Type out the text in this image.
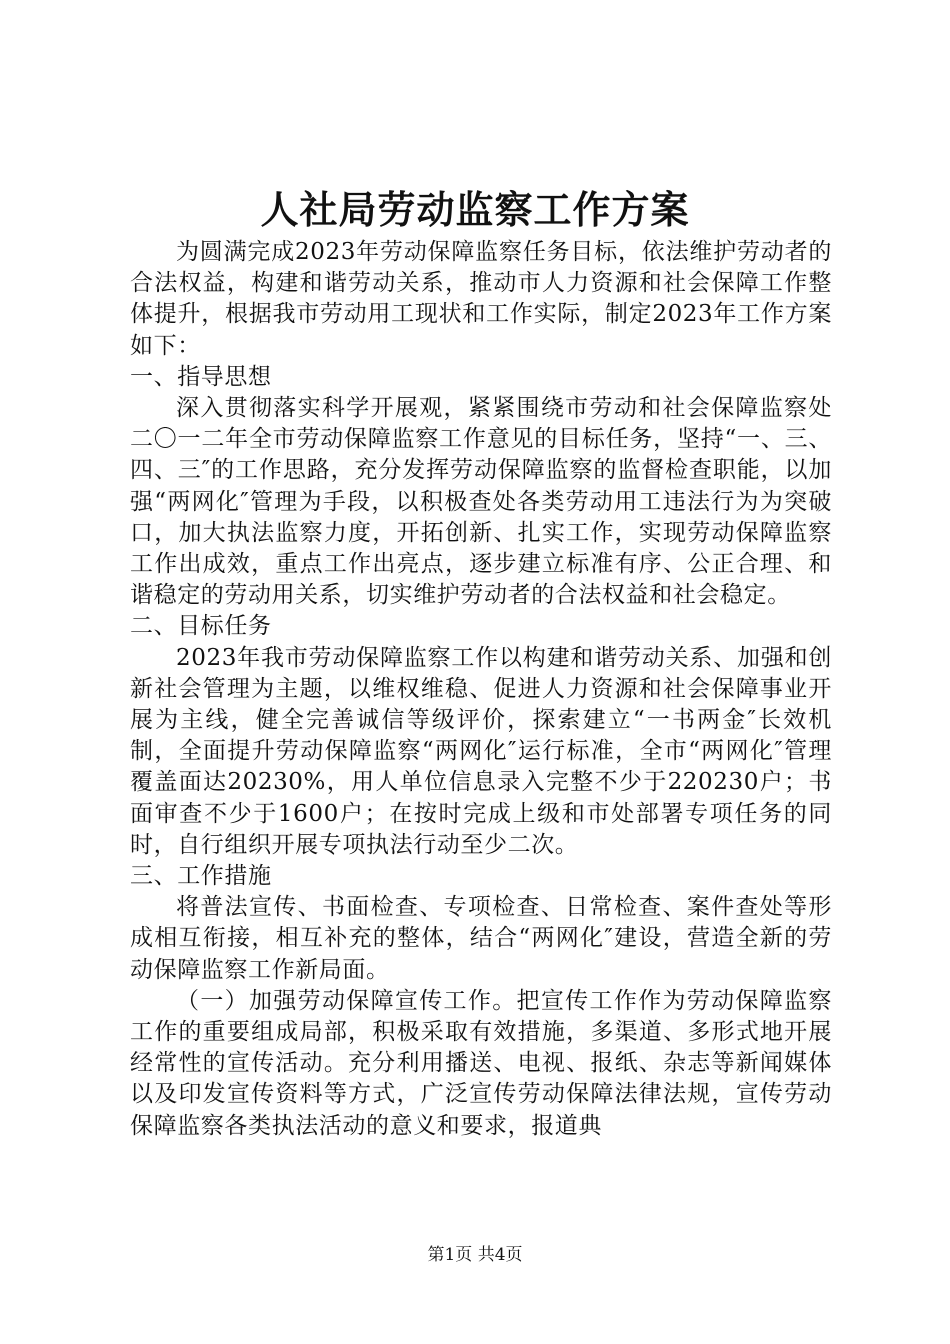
人社局劳动监察工作方案

为圆满完成2023年劳动保障监察任务目标，依法维护劳动者的合法权益，构建和谐劳动关系，推动市人力资源和社会保障工作整体提升，根据我市劳动用工现状和工作实际，制定2023年工作方案如下：

一、指导思想

深入贯彻落实科学开展观，紧紧围绕市劳动和社会保障监察处二〇一二年全市劳动保障监察工作意见的目标任务，坚持“一、三、四、三″的工作思路，充分发挥劳动保障监察的监督检查职能，以加强“两网化″管理为手段，以积极查处各类劳动用工违法行为为突破口，加大执法监察力度，开拓创新、扎实工作，实现劳动保障监察工作出成效，重点工作出亮点，逐步建立标准有序、公正合理、和谐稳定的劳动用关系，切实维护劳动者的合法权益和社会稳定。

二、目标任务

2023年我市劳动保障监察工作以构建和谐劳动关系、加强和创新社会管理为主题，以维权维稳、促进人力资源和社会保障事业开展为主线，健全完善诚信等级评价，探索建立“一书两金″长效机制，全面提升劳动保障监察“两网化″运行标准，全市“两网化″管理覆盖面达20230%，用人单位信息录入完整不少于220230户；书面审查不少于1600户；在按时完成上级和市处部署专项任务的同时，自行组织开展专项执法行动至少二次。

三、工作措施

将普法宣传、书面检查、专项检查、日常检查、案件查处等形成相互衔接，相互补充的整体，结合“两网化″建设，营造全新的劳动保障监察工作新局面。

（一）加强劳动保障宣传工作。把宣传工作作为劳动保障监察工作的重要组成局部，积极采取有效措施，多渠道、多形式地开展经常性的宣传活动。充分利用播送、电视、报纸、杂志等新闻媒体以及印发宣传资料等方式，广泛宣传劳动保障法律法规，宣传劳动保障监察各类执法活动的意义和要求，报道典

第1页 共4页
